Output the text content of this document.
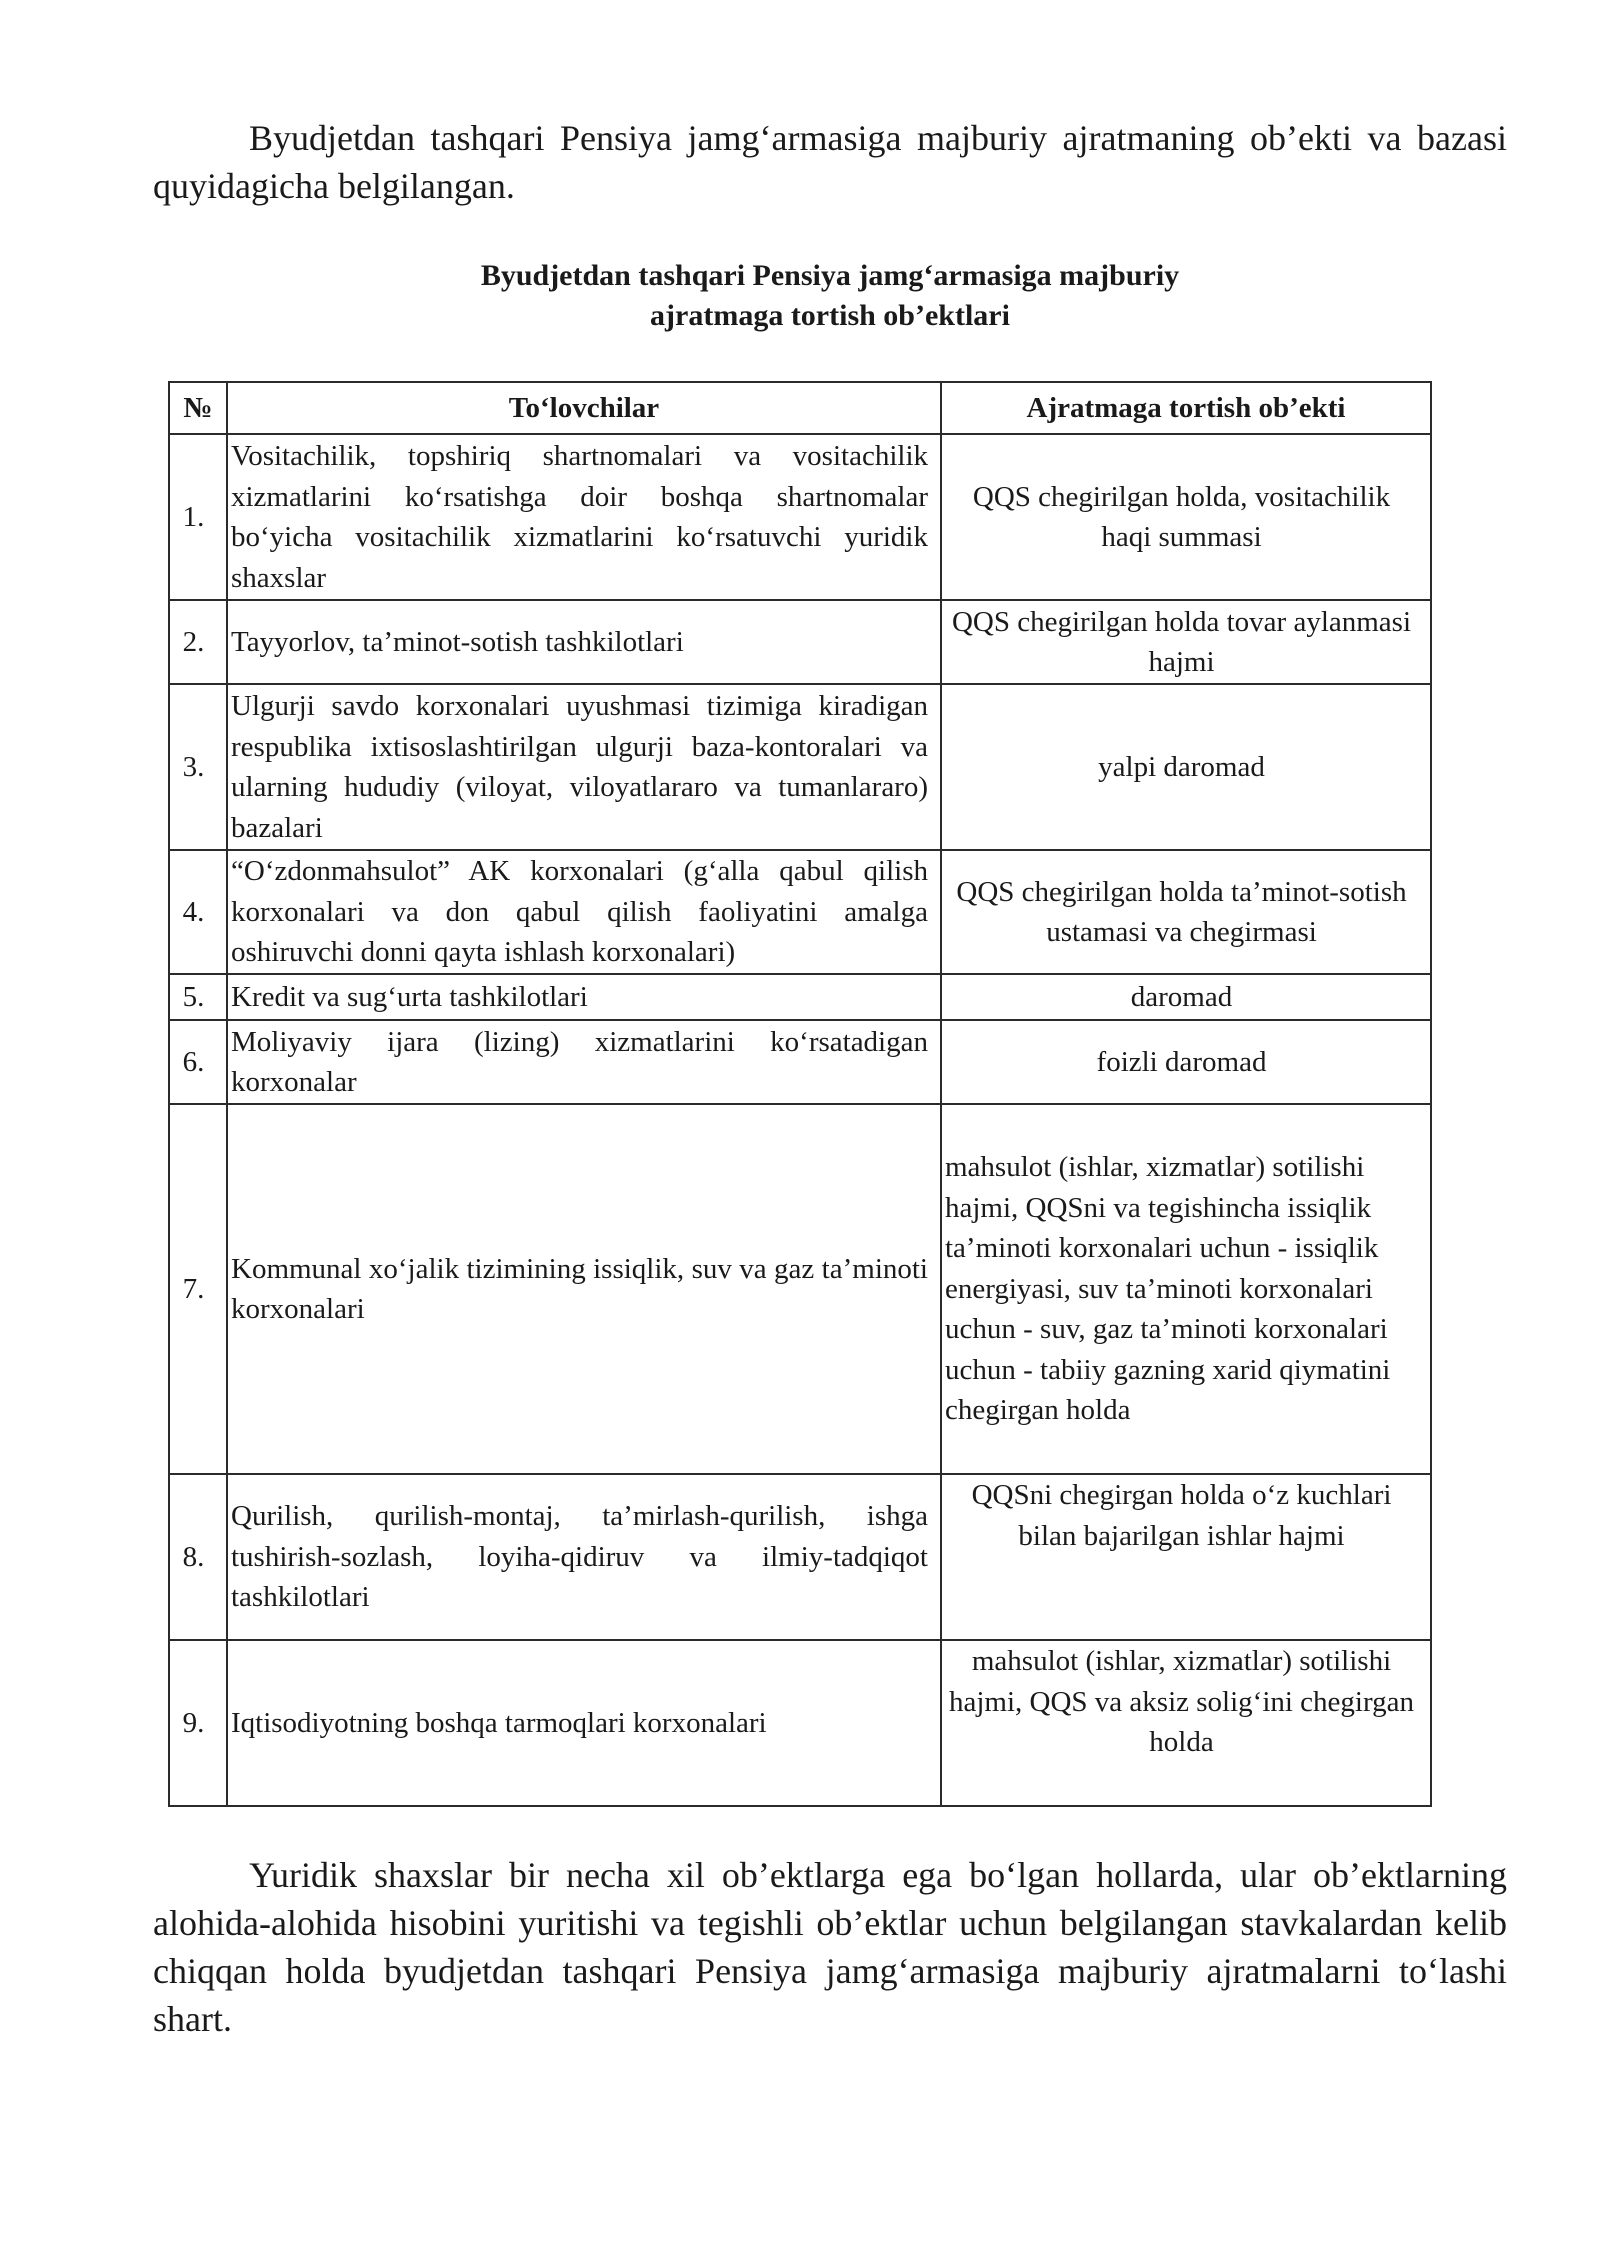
Byudjetdan tashqari Pensiya jamg‘armasiga majburiy ajratmaning ob’ekti va bazasi quyidagicha belgilangan.

Byudjetdan tashqari Pensiya jamg‘armasiga majburiy
ajratmaga tortish ob’ektlari
№	To‘lovchilar	Ajratmaga tortish ob’ekti
1.	Vositachilik, topshiriq shartnomalari va vositachilik xizmatlarini ko‘rsatishga doir boshqa shartnomalar bo‘yicha vositachilik xizmatlarini ko‘rsatuvchi yuridik shaxslar	QQS chegirilgan holda, vositachilik haqi summasi
2.	Tayyorlov, ta’minot-sotish tashkilotlari	QQS chegirilgan holda tovar aylanmasi hajmi
3.	Ulgurji savdo korxonalari uyushmasi tizimiga kiradigan respublika ixtisoslashtirilgan ulgurji baza-kontoralari va ularning hududiy (viloyat, viloyatlararo va tumanlararo) bazalari	yalpi daromad
4.	“O‘zdonmahsulot” AK korxonalari (g‘alla qabul qilish korxonalari va don qabul qilish faoliyatini amalga oshiruvchi donni qayta ishlash korxonalari)	QQS chegirilgan holda ta’minot-sotish ustamasi va chegirmasi
5.	Kredit va sug‘urta tashkilotlari	daromad
6.	Moliyaviy ijara (lizing) xizmatlarini ko‘rsatadigan korxonalar	foizli daromad
7.	Kommunal xo‘jalik tizimining issiqlik, suv va gaz ta’minoti korxonalari	mahsulot (ishlar, xizmatlar) sotilishi hajmi, QQSni va tegishincha issiqlik ta’minoti korxonalari uchun - issiqlik energiyasi, suv ta’minoti korxonalari uchun - suv, gaz ta’minoti korxonalari uchun - tabiiy gazning xarid qiymatini chegirgan holda
8.	Qurilish, qurilish-montaj, ta’mirlash-qurilish, ishga tushirish-sozlash, loyiha-qidiruv va ilmiy-tadqiqot tashkilotlari	QQSni chegirgan holda o‘z kuchlari bilan bajarilgan ishlar hajmi
9.	Iqtisodiyotning boshqa tarmoqlari korxonalari	mahsulot (ishlar, xizmatlar) sotilishi hajmi, QQS va aksiz solig‘ini chegirgan holda

Yuridik shaxslar bir necha xil ob’ektlarga ega bo‘lgan hollarda, ular ob’ektlarning alohida-alohida hisobini yuritishi va tegishli ob’ektlar uchun belgilangan stavkalardan kelib chiqqan holda byudjetdan tashqari Pensiya jamg‘armasiga majburiy ajratmalarni to‘lashi shart.
